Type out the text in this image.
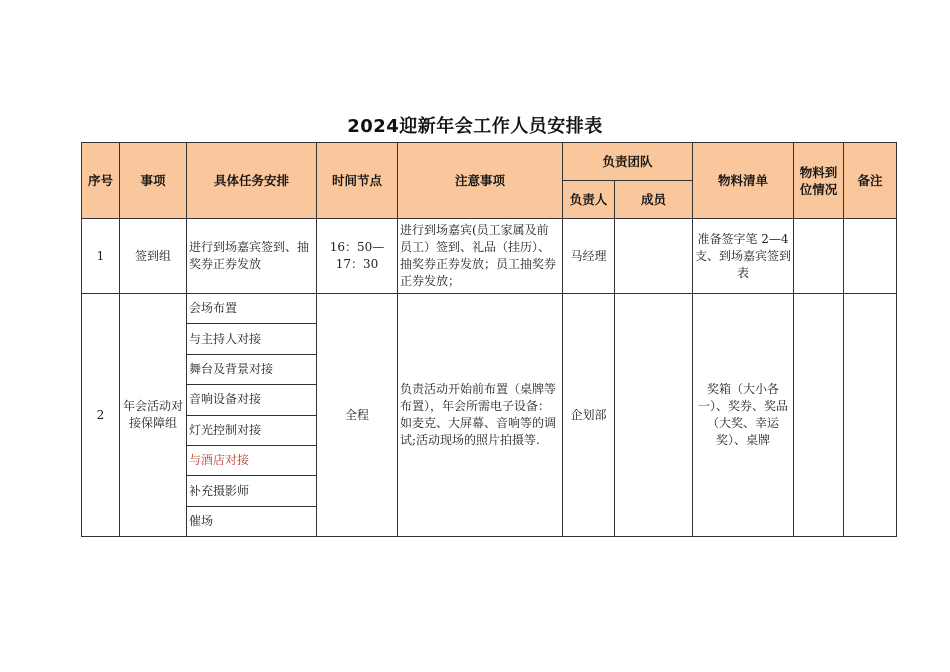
2024迎新年会工作人员安排表
序号	事项	具体任务安排	时间节点	注意事项	负责团队		物料清单	物料到位情况	备注
					负责人	成员			
1	签到组	进行到场嘉宾签到、抽奖券正券发放	16：50—17：30	进行到场嘉宾(员工家属及前员工）签到、礼品（挂历）、抽奖券正券发放；员工抽奖券正券发放；	马经理		准备签字笔 2—4 支、到场嘉宾签到表		
2	年会活动对接保障组	会场布置	全程	负责活动开始前布置（桌牌等布置），年会所需电子设备：如麦克、大屏幕、音响等的调试;活动现场的照片拍摄等.	企划部		奖箱（大小各一）、奖券、奖品（大奖、幸运奖）、桌牌		
		与主持人对接							
		舞台及背景对接							
		音响设备对接							
		灯光控制对接							
		与酒店对接							
		补充摄影师							
		催场							
